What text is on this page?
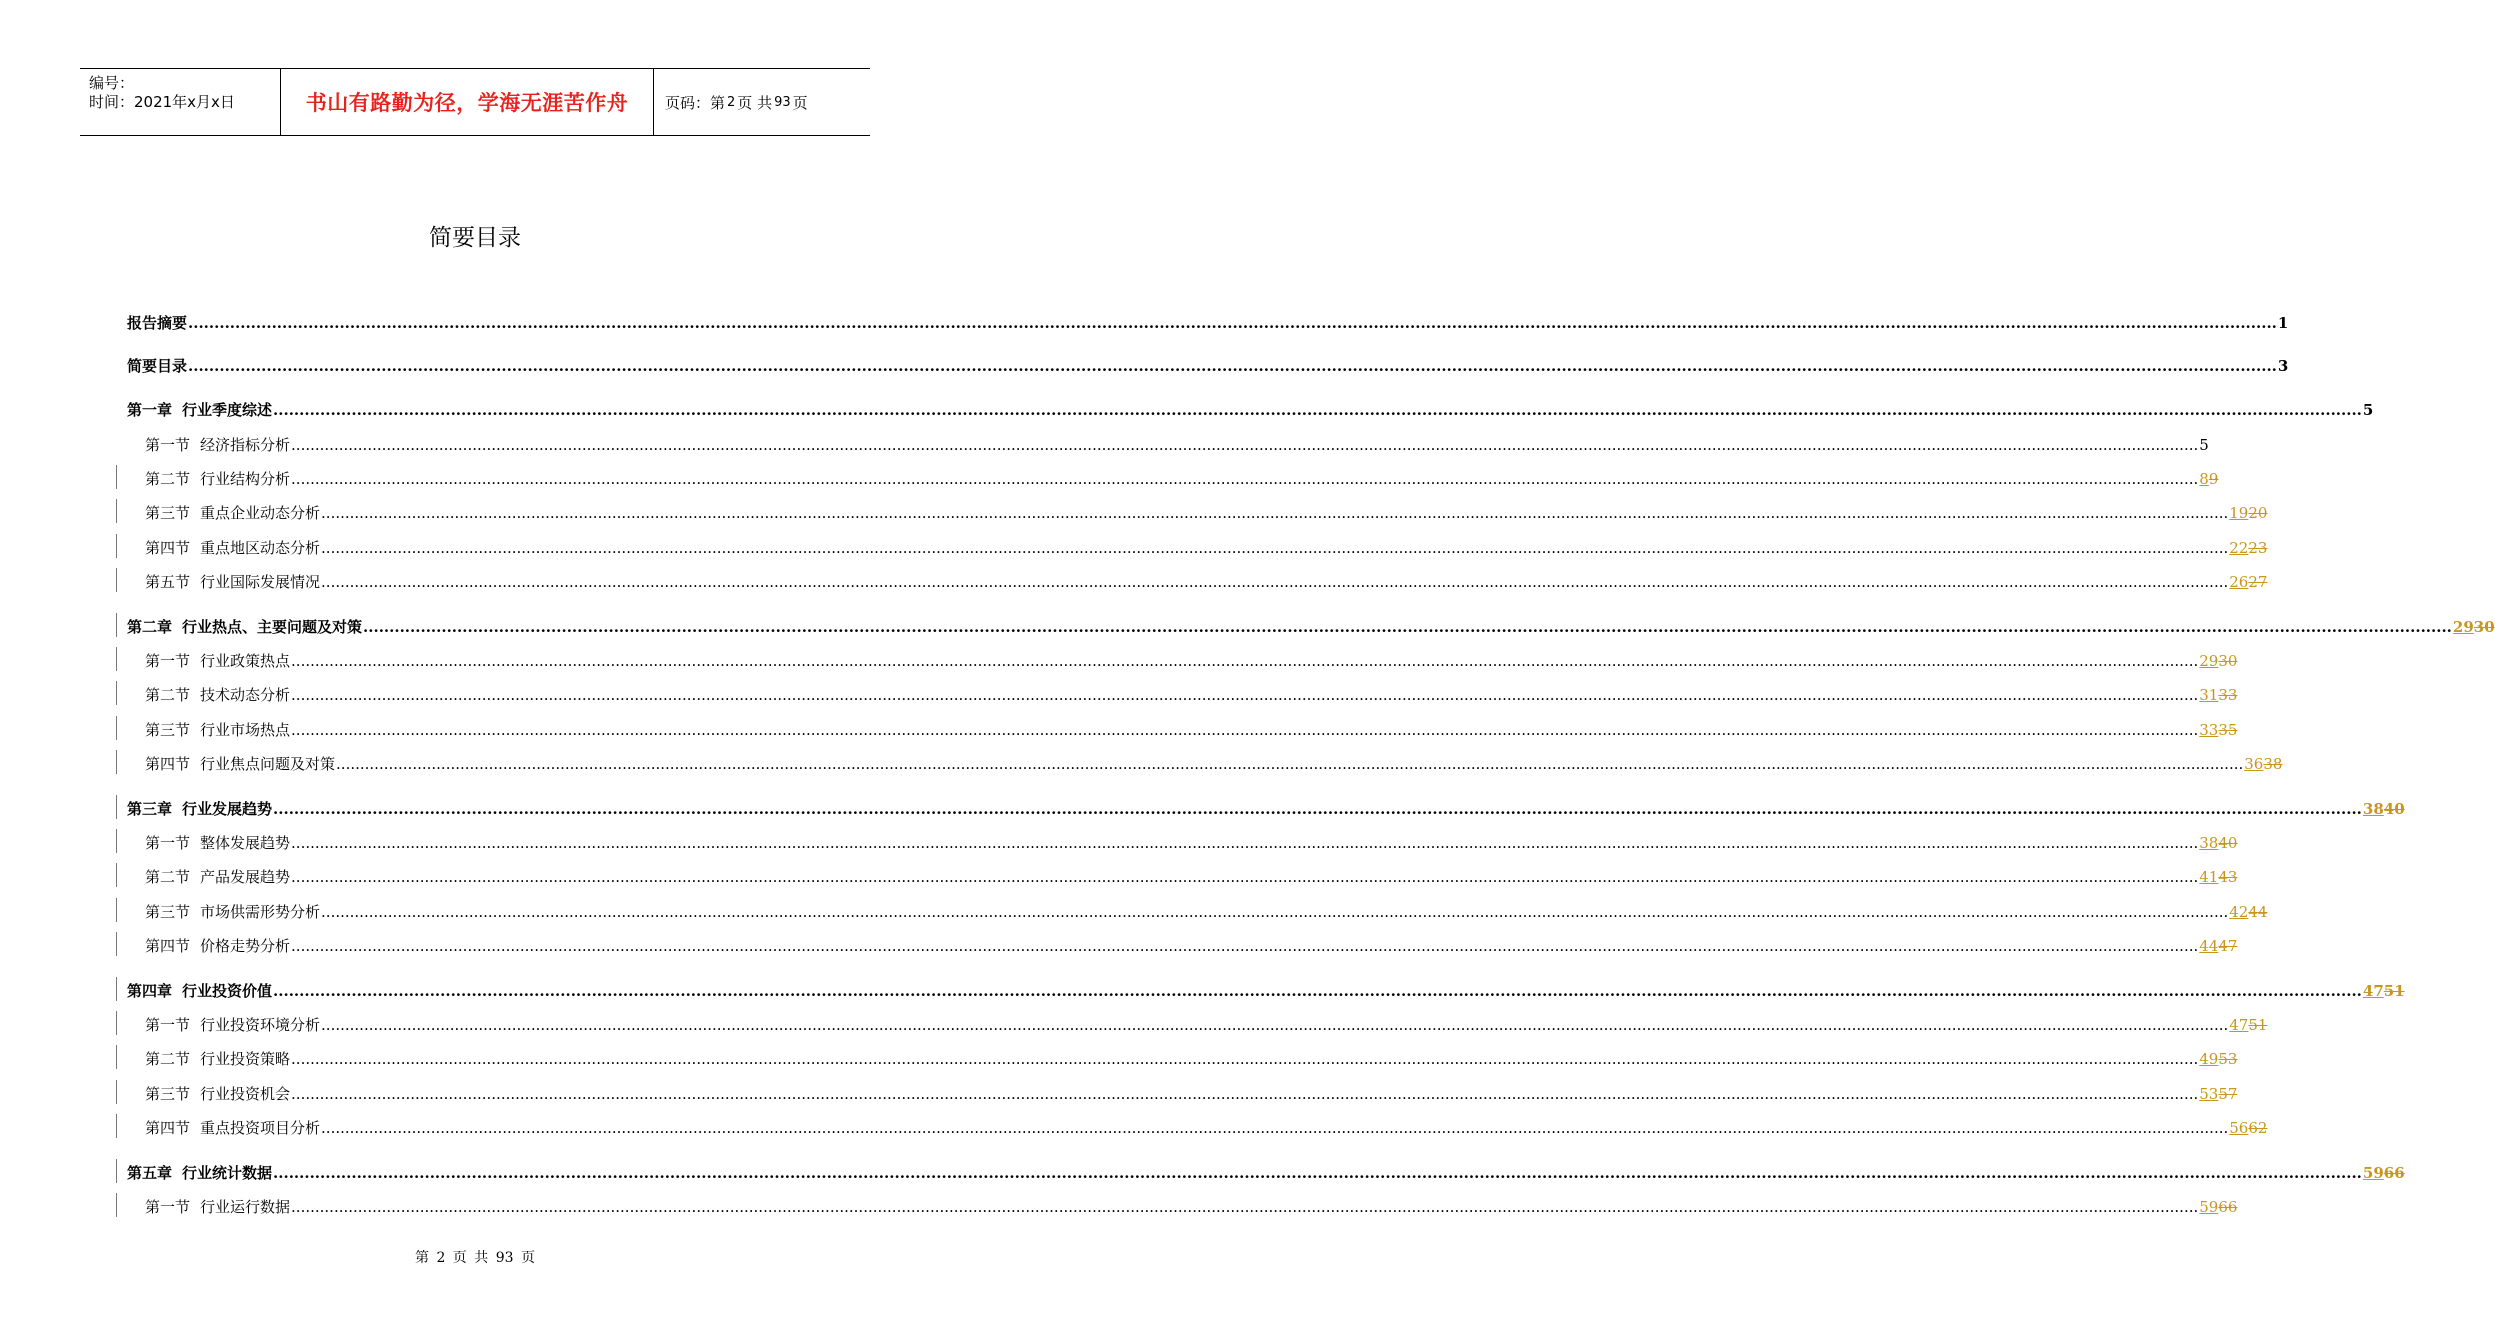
编号：
时间：2021年x月x日	书山有路勤为径，学海无涯苦作舟	页码：第 2 页 共 93 页
简要目录
报告摘要 ................................................................................................................................................................................................................................................................................................................................................................................................................ 1
简要目录 ................................................................................................................................................................................................................................................................................................................................................................................................................ 3
第一章 行业季度综述 ................................................................................................................................................................................................................................................................................................................................................................................................................ 5
第一节 经济指标分析 ................................................................................................................................................................................................................................................................................................................................................................................................................ 5
第二节 行业结构分析 ................................................................................................................................................................................................................................................................................................................................................................................................................ 89
第三节 重点企业动态分析 ................................................................................................................................................................................................................................................................................................................................................................................................................ 1920
第四节 重点地区动态分析 ................................................................................................................................................................................................................................................................................................................................................................................................................ 2223
第五节 行业国际发展情况 ................................................................................................................................................................................................................................................................................................................................................................................................................ 2627
第二章 行业热点、主要问题及对策 ................................................................................................................................................................................................................................................................................................................................................................................................................ 2930
第一节 行业政策热点 ................................................................................................................................................................................................................................................................................................................................................................................................................ 2930
第二节 技术动态分析 ................................................................................................................................................................................................................................................................................................................................................................................................................ 3133
第三节 行业市场热点 ................................................................................................................................................................................................................................................................................................................................................................................................................ 3335
第四节 行业焦点问题及对策 ................................................................................................................................................................................................................................................................................................................................................................................................................ 3638
第三章 行业发展趋势 ................................................................................................................................................................................................................................................................................................................................................................................................................ 3840
第一节 整体发展趋势 ................................................................................................................................................................................................................................................................................................................................................................................................................ 3840
第二节 产品发展趋势 ................................................................................................................................................................................................................................................................................................................................................................................................................ 4143
第三节 市场供需形势分析 ................................................................................................................................................................................................................................................................................................................................................................................................................ 4244
第四节 价格走势分析 ................................................................................................................................................................................................................................................................................................................................................................................................................ 4447
第四章 行业投资价值 ................................................................................................................................................................................................................................................................................................................................................................................................................ 4751
第一节 行业投资环境分析 ................................................................................................................................................................................................................................................................................................................................................................................................................ 4751
第二节 行业投资策略 ................................................................................................................................................................................................................................................................................................................................................................................................................ 4953
第三节 行业投资机会 ................................................................................................................................................................................................................................................................................................................................................................................................................ 5357
第四节 重点投资项目分析 ................................................................................................................................................................................................................................................................................................................................................................................................................ 5662
第五章 行业统计数据 ................................................................................................................................................................................................................................................................................................................................................................................................................ 5966
第一节 行业运行数据 ................................................................................................................................................................................................................................................................................................................................................................................................................ 5966
第 2 页 共 93 页
